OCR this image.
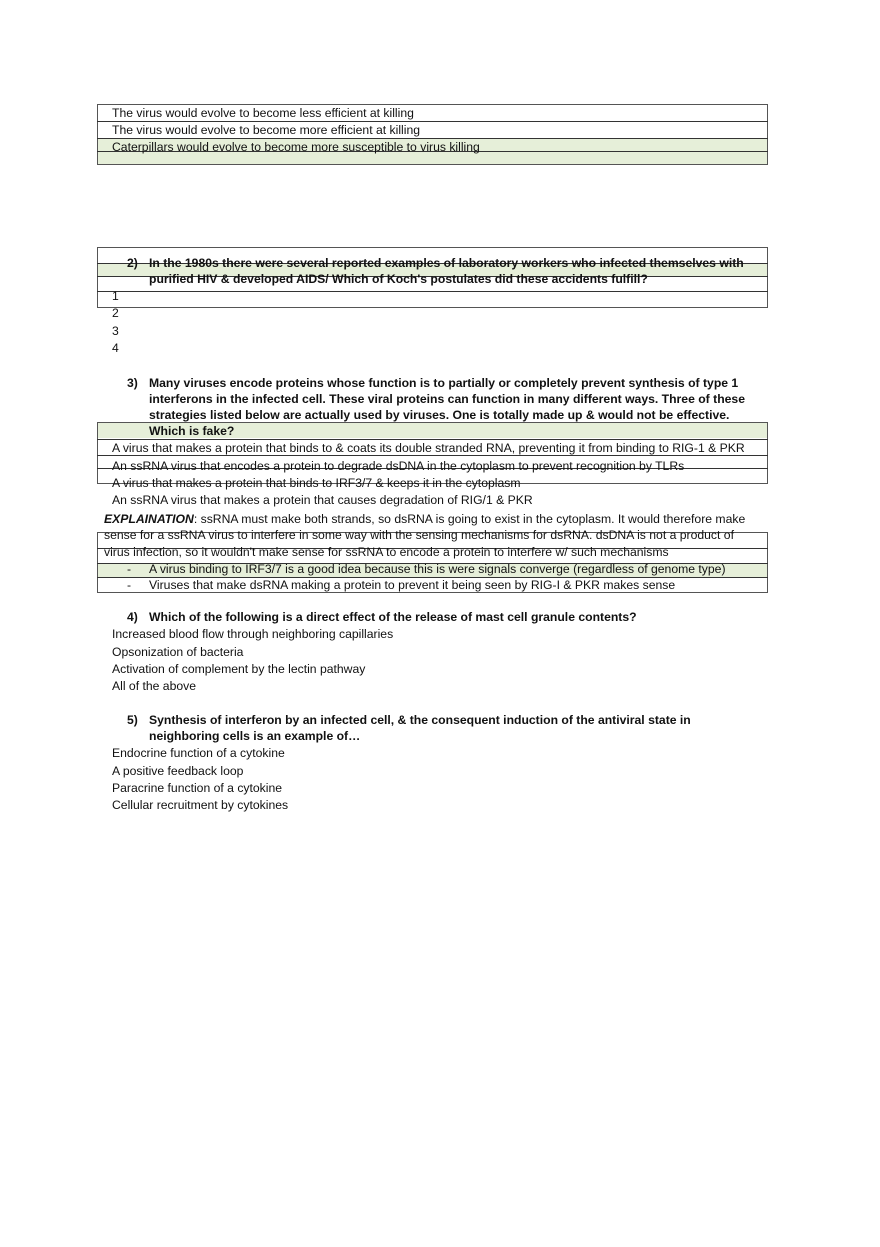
The virus would evolve to become less efficient at killing
The virus would evolve to become more efficient at killing
Caterpillars would evolve to become more susceptible to virus killing
2) In the 1980s there were several reported examples of laboratory workers who infected themselves with
purified HIV & developed AIDS/ Which of Koch's postulates did these accidents fulfill?
1
2
3
4
3) Many viruses encode proteins whose function is to partially or completely prevent synthesis of type 1
interferons in the infected cell. These viral proteins can function in many different ways. Three of these
strategies listed below are actually used by viruses. One is totally made up & would not be effective.
Which is fake?
A virus that makes a protein that binds to & coats its double stranded RNA, preventing it from binding to RIG-1 & PKR
An ssRNA virus that encodes a protein to degrade dsDNA in the cytoplasm to prevent recognition by TLRs
A virus that makes a protein that binds to IRF3/7 & keeps it in the cytoplasm
An ssRNA virus that makes a protein that causes degradation of RIG/1 & PKR
EXPLAINATION: ssRNA must make both strands, so dsRNA is going to exist in the cytoplasm. It would therefore make
sense for a ssRNA virus to interfere in some way with the sensing mechanisms for dsRNA. dsDNA is not a product of
virus infection, so it wouldn't make sense for ssRNA to encode a protein to interfere w/ such mechanisms
- A virus binding to IRF3/7 is a good idea because this is were signals converge (regardless of genome type)
- Viruses that make dsRNA making a protein to prevent it being seen by RIG-I & PKR makes sense
4) Which of the following is a direct effect of the release of mast cell granule contents?
Increased blood flow through neighboring capillaries
Opsonization of bacteria
Activation of complement by the lectin pathway
All of the above
5) Synthesis of interferon by an infected cell, & the consequent induction of the antiviral state in
neighboring cells is an example of…
Endocrine function of a cytokine
A positive feedback loop
Paracrine function of a cytokine
Cellular recruitment by cytokines
